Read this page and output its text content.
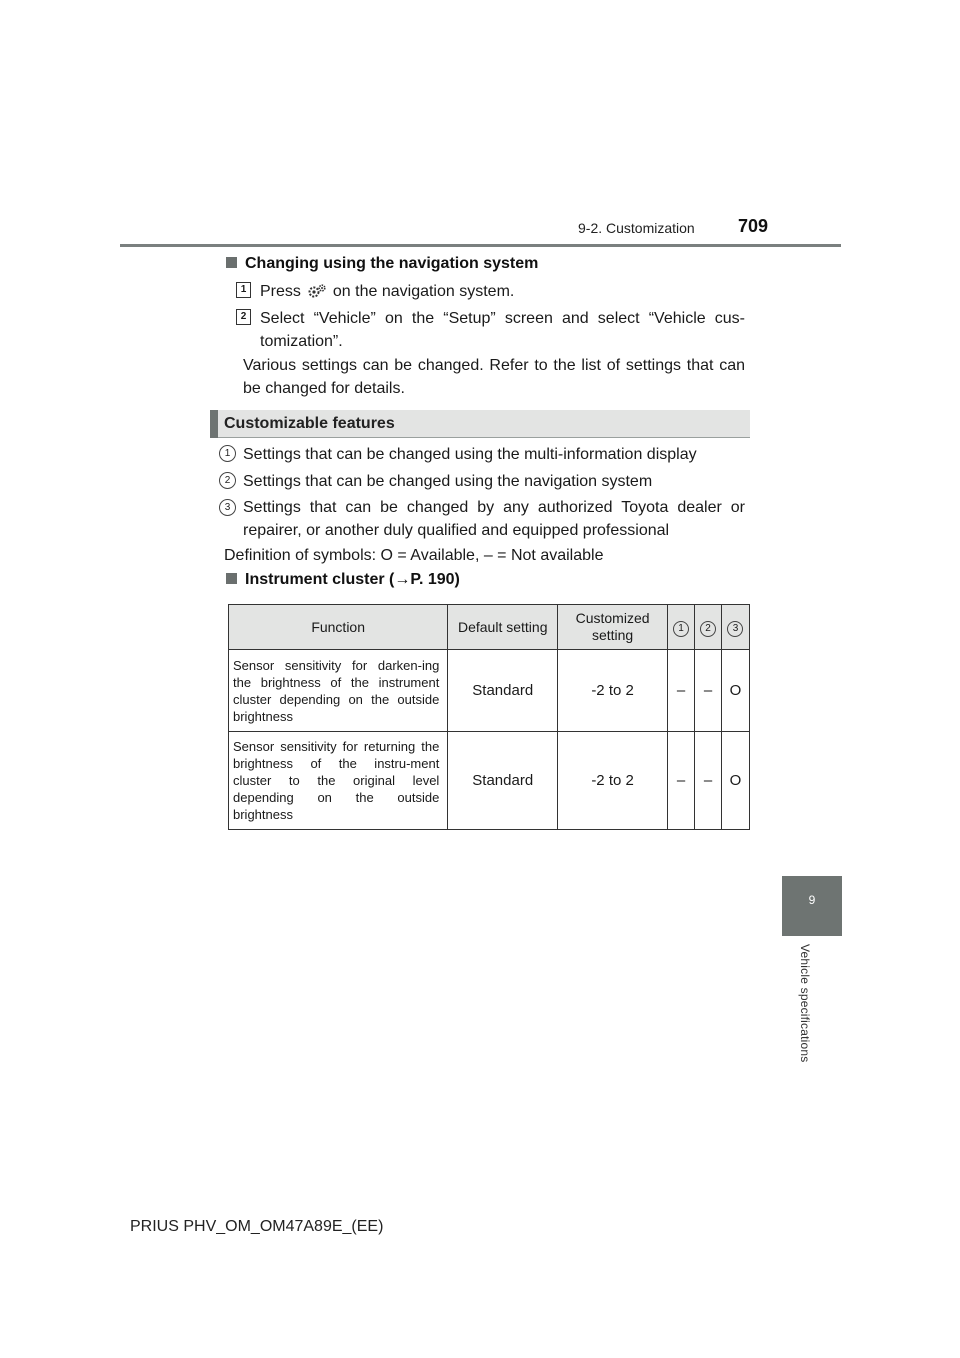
9-2. Customization 709
9
Vehicle specifications
Changing using the navigation system
1 Press on the navigation system.
2 Select “Vehicle” on the “Setup” screen and select “Vehicle cus-tomization”.
Various settings can be changed. Refer to the list of settings that can be changed for details.
Customizable features
1 Settings that can be changed using the multi-information display
2 Settings that can be changed using the navigation system
3 Settings that can be changed by any authorized Toyota dealer or repairer, or another duly qualified and equipped professional
Definition of symbols: O = Available, – = Not available
Instrument cluster (→P. 190)
Function	Default setting	Customized setting	1	2	3
Sensor sensitivity for darken-ing the brightness of the instrument cluster depending on the outside brightness	Standard	-2 to 2	–	–	O
Sensor sensitivity for returning the brightness of the instru-ment cluster to the original level depending on the outside brightness	Standard	-2 to 2	–	–	O
PRIUS PHV_OM_OM47A89E_(EE)
